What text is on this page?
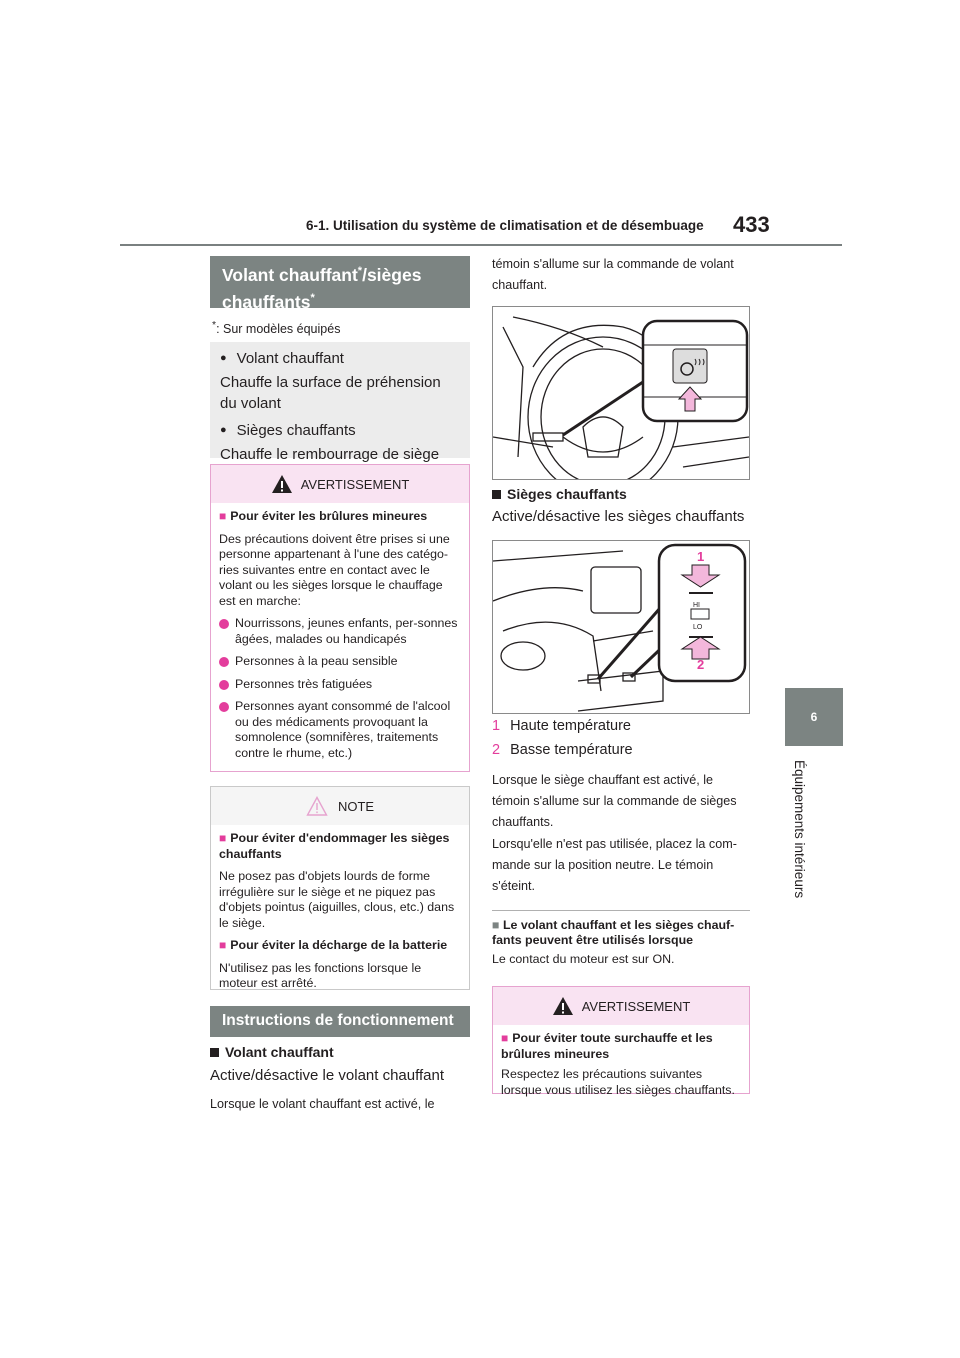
6-1. Utilisation du système de climatisation et de désembuage 433
6
Équipements intérieurs
Volant chauffant*/sièges
chauffants*
*: Sur modèles équipés

● Volant chauffant

Chauffe la surface de préhension du volant

● Sièges chauffants

Chauffe le rembourrage de siège

AVERTISSEMENT

■ Pour éviter les brûlures mineures

Des précautions doivent être prises si une personne appartenant à l'une des catégo-ries suivantes entre en contact avec le volant ou les sièges lorsque le chauffage est en marche:

Nourrissons, jeunes enfants, per-sonnes âgées, malades ou handicapés

Personnes à la peau sensible

Personnes très fatiguées

Personnes ayant consommé de l'alcool ou des médicaments provoquant la somnolence (somnifères, traitements contre le rhume, etc.)

NOTE

■ Pour éviter d'endommager les sièges chauffants

Ne posez pas d'objets lourds de forme irrégulière sur le siège et ne piquez pas d'objets pointus (aiguilles, clous, etc.) dans le siège.

■ Pour éviter la décharge de la batterie

N'utilisez pas les fonctions lorsque le moteur est arrêté.

Instructions de fonctionnement
Volant chauffant
Active/désactive le volant chauffant
Lorsque le volant chauffant est activé, le
témoin s'allume sur la commande de volant chauffant.
Sièges chauffants
Active/désactive les sièges chauffants
HI
LO
1
2
1 Haute température
2 Basse température
Lorsque le siège chauffant est activé, le témoin s'allume sur la commande de sièges chauffants.
Lorsqu'elle n'est pas utilisée, placez la com-mande sur la position neutre. Le témoin s'éteint.
■ Le volant chauffant et les sièges chauf-fants peuvent être utilisés lorsque
Le contact du moteur est sur ON.
AVERTISSEMENT

■ Pour éviter toute surchauffe et les brûlures mineures

Respectez les précautions suivantes lorsque vous utilisez les sièges chauffants.
